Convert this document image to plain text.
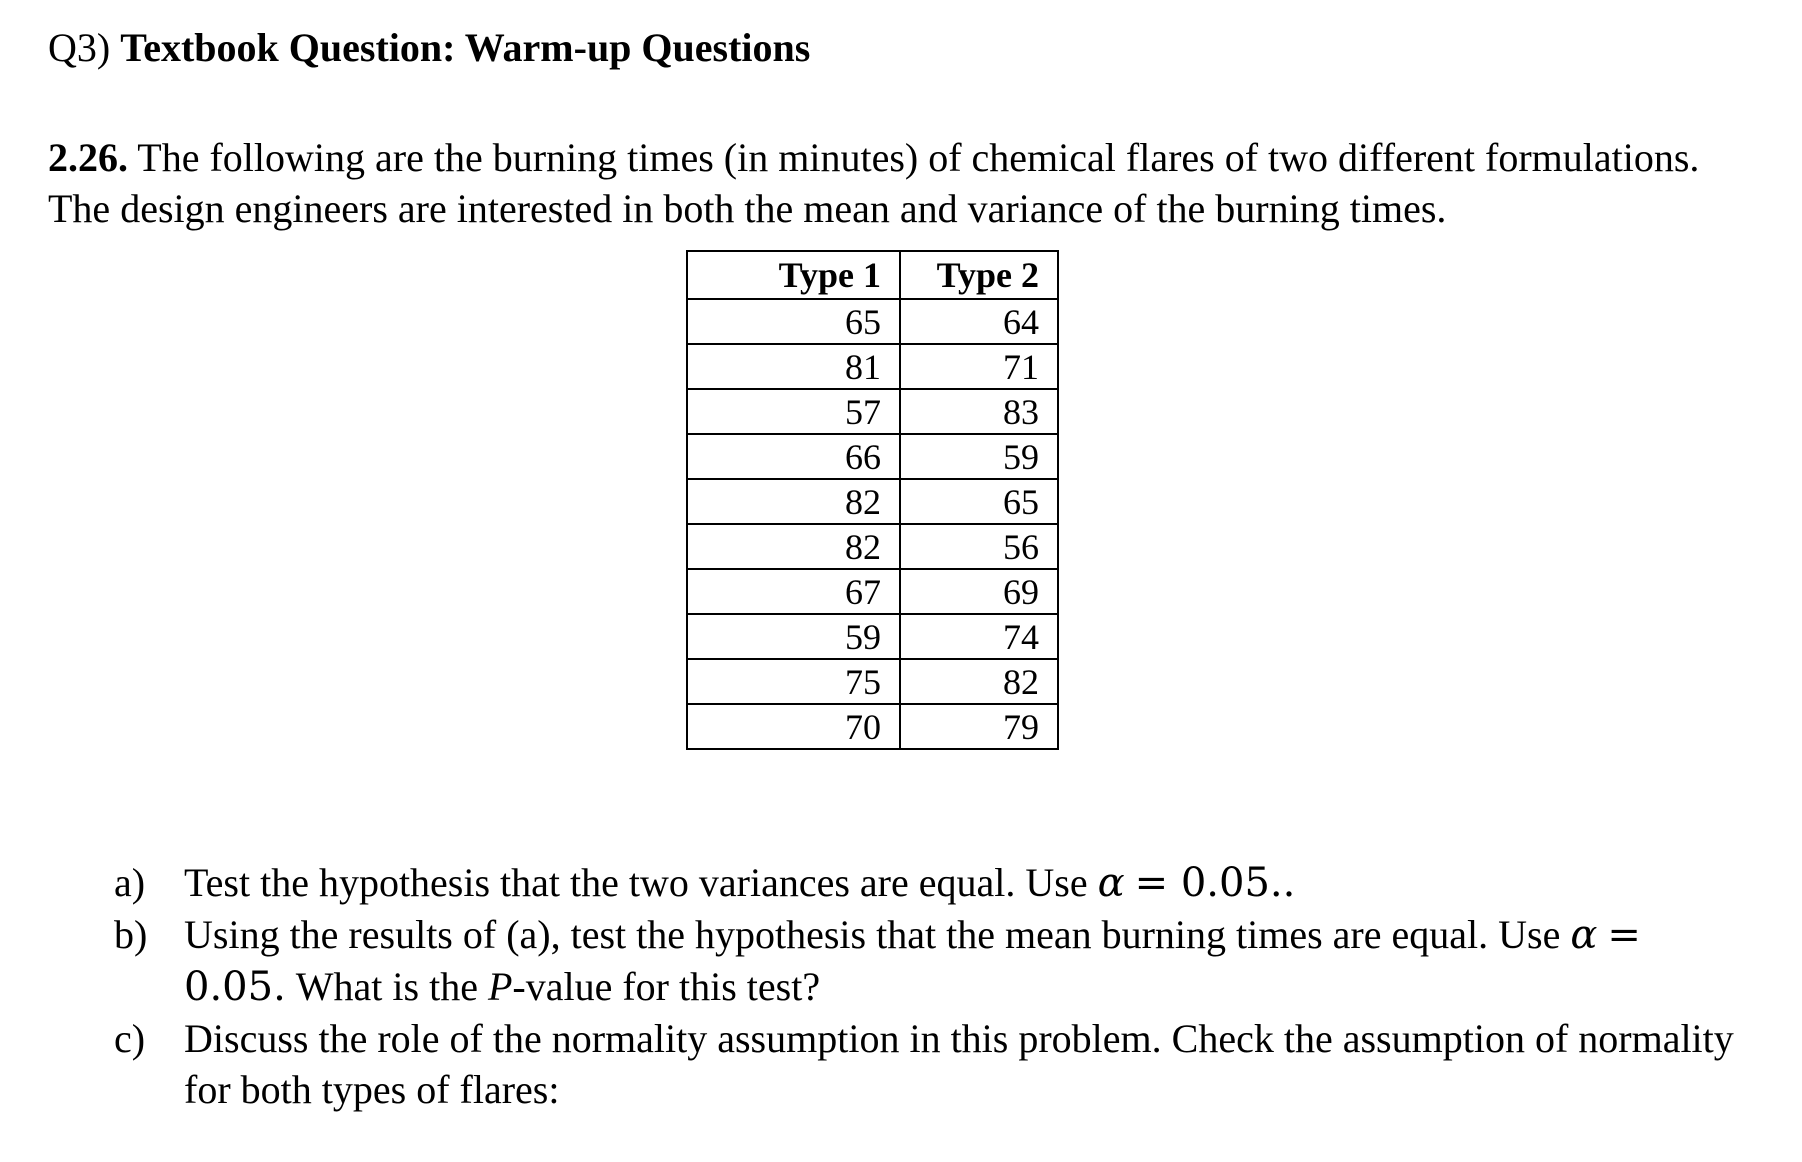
Q3) Textbook Question: Warm-up Questions

2.26. The following are the burning times (in minutes) of chemical flares of two different formulations. The design engineers are interested in both the mean and variance of the burning times.
Type 1	Type 2
65	64
81	71
57	83
66	59
82	65
82	56
67	69
59	74
75	82
70	79
a) Test the hypothesis that the two variances are equal. Use α = 0.05..
b) Using the results of (a), test the hypothesis that the mean burning times are equal. Use α = 0.05. What is the P-value for this test?
c) Discuss the role of the normality assumption in this problem. Check the assumption of normality for both types of flares:
